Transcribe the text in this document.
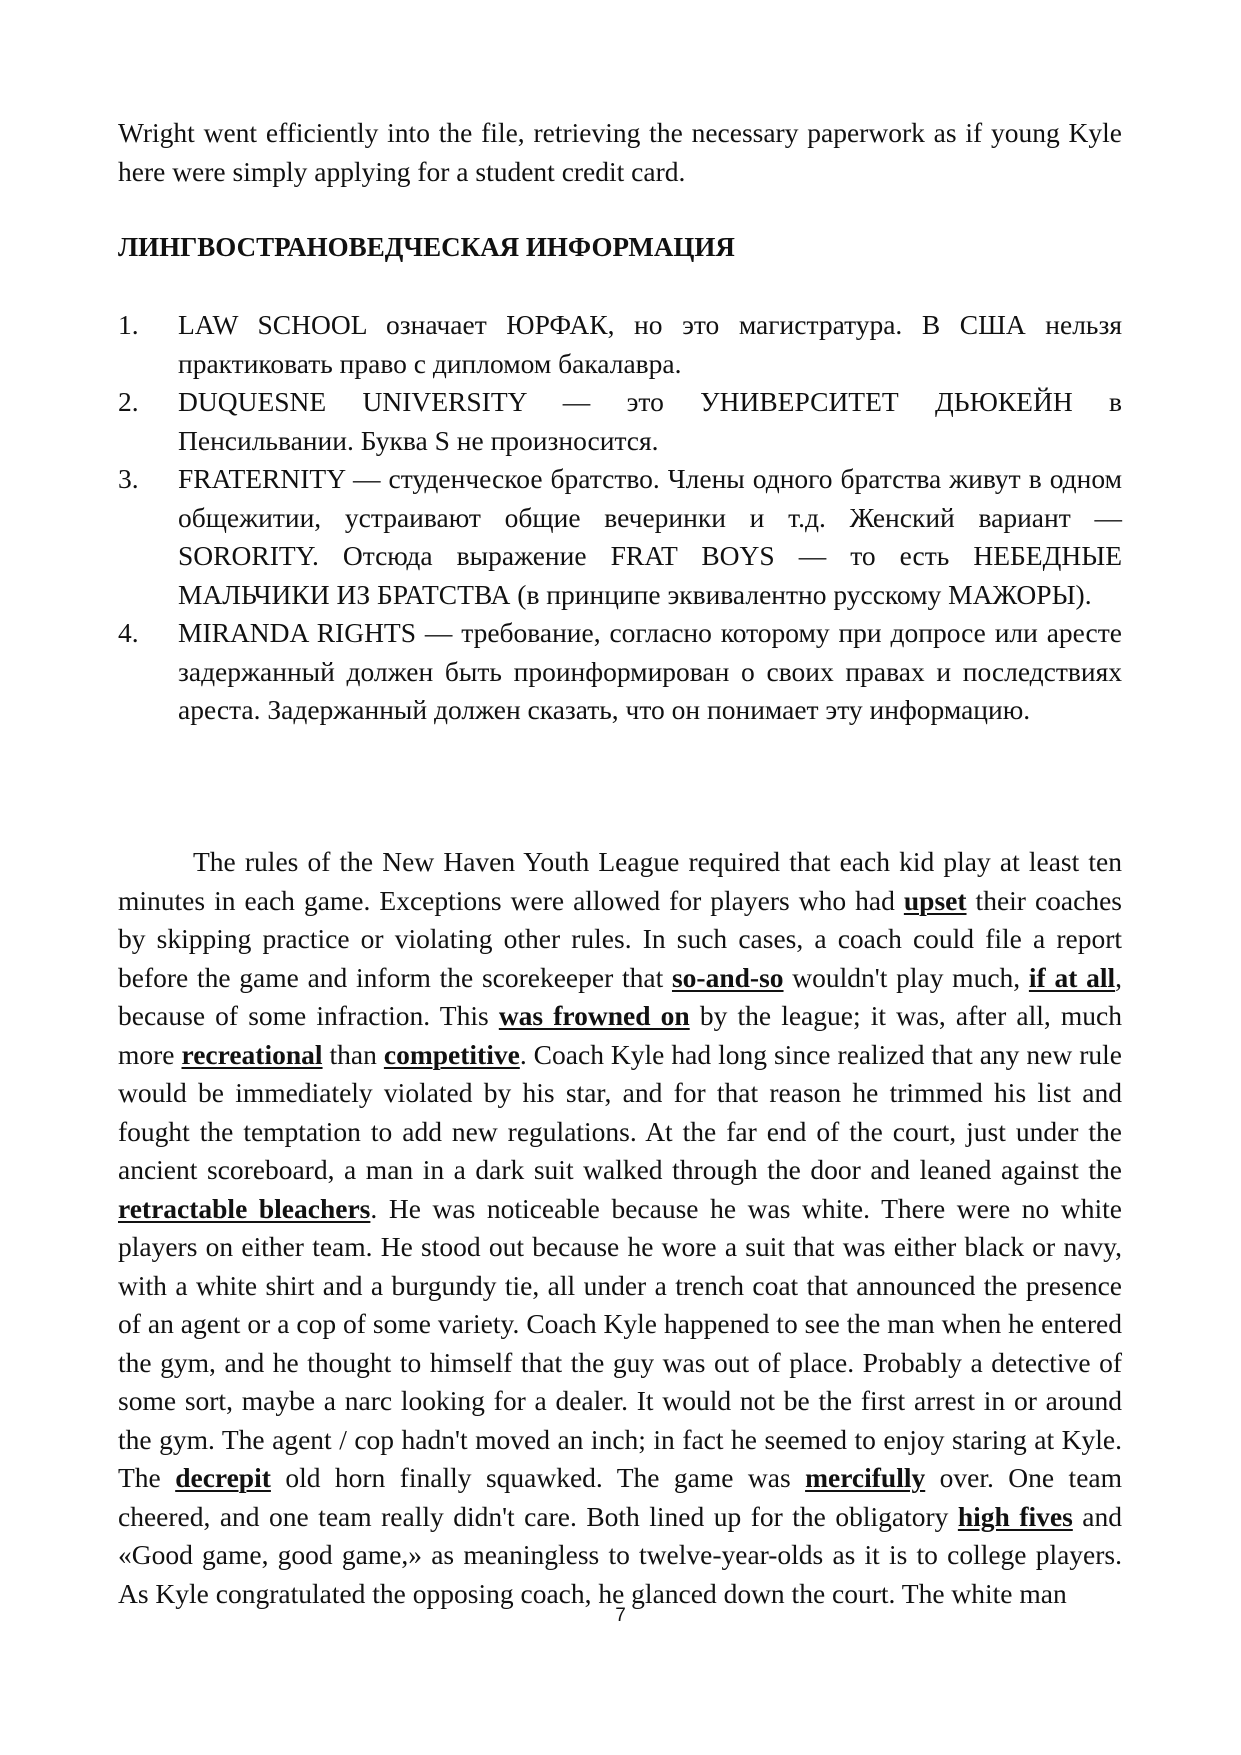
Wright went efficiently into the file, retrieving the necessary paperwork as if young Kyle here were simply applying for a student credit card.

ЛИНГВОСТРАНОВЕДЧЕСКАЯ ИНФОРМАЦИЯ
1. LAW SCHOOL означает ЮРФАК, но это магистратура. В США нельзя практиковать право с дипломом бакалавра.
2. DUQUESNE UNIVERSITY — это УНИВЕРСИТЕТ ДЬЮКЕЙН в Пенсильвании. Буква S не произносится.
3. FRATERNITY — студенческое братство. Члены одного братства живут в одном общежитии, устраивают общие вечеринки и т.д. Женский вариант — SORORITY. Отсюда выражение FRAT BOYS — то есть НЕБЕДНЫЕ МАЛЬЧИКИ ИЗ БРАТСТВА (в принципе эквивалентно русскому МАЖОРЫ).
4. MIRANDA RIGHTS — требование, согласно которому при допросе или аресте задержанный должен быть проинформирован о своих правах и последствиях ареста. Задержанный должен сказать, что он понимает эту информацию.

The rules of the New Haven Youth League required that each kid play at least ten minutes in each game. Exceptions were allowed for players who had upset their coaches by skipping practice or violating other rules. In such cases, a coach could file a report before the game and inform the scorekeeper that so-and-so wouldn't play much, if at all, because of some infraction. This was frowned on by the league; it was, after all, much more recreational than competitive. Coach Kyle had long since realized that any new rule would be immediately violated by his star, and for that reason he trimmed his list and fought the temptation to add new regulations. At the far end of the court, just under the ancient scoreboard, a man in a dark suit walked through the door and leaned against the retractable bleachers. He was noticeable because he was white. There were no white players on either team. He stood out because he wore a suit that was either black or navy, with a white shirt and a burgundy tie, all under a trench coat that announced the presence of an agent or a cop of some variety. Coach Kyle happened to see the man when he entered the gym, and he thought to himself that the guy was out of place. Probably a detective of some sort, maybe a narc looking for a dealer. It would not be the first arrest in or around the gym. The agent / cop hadn't moved an inch; in fact he seemed to enjoy staring at Kyle. The decrepit old horn finally squawked. The game was mercifully over. One team cheered, and one team really didn't care. Both lined up for the obligatory high fives and «Good game, good game,» as meaningless to twelve-year-olds as it is to college players. As Kyle congratulated the opposing coach, he glanced down the court. The white man

7
